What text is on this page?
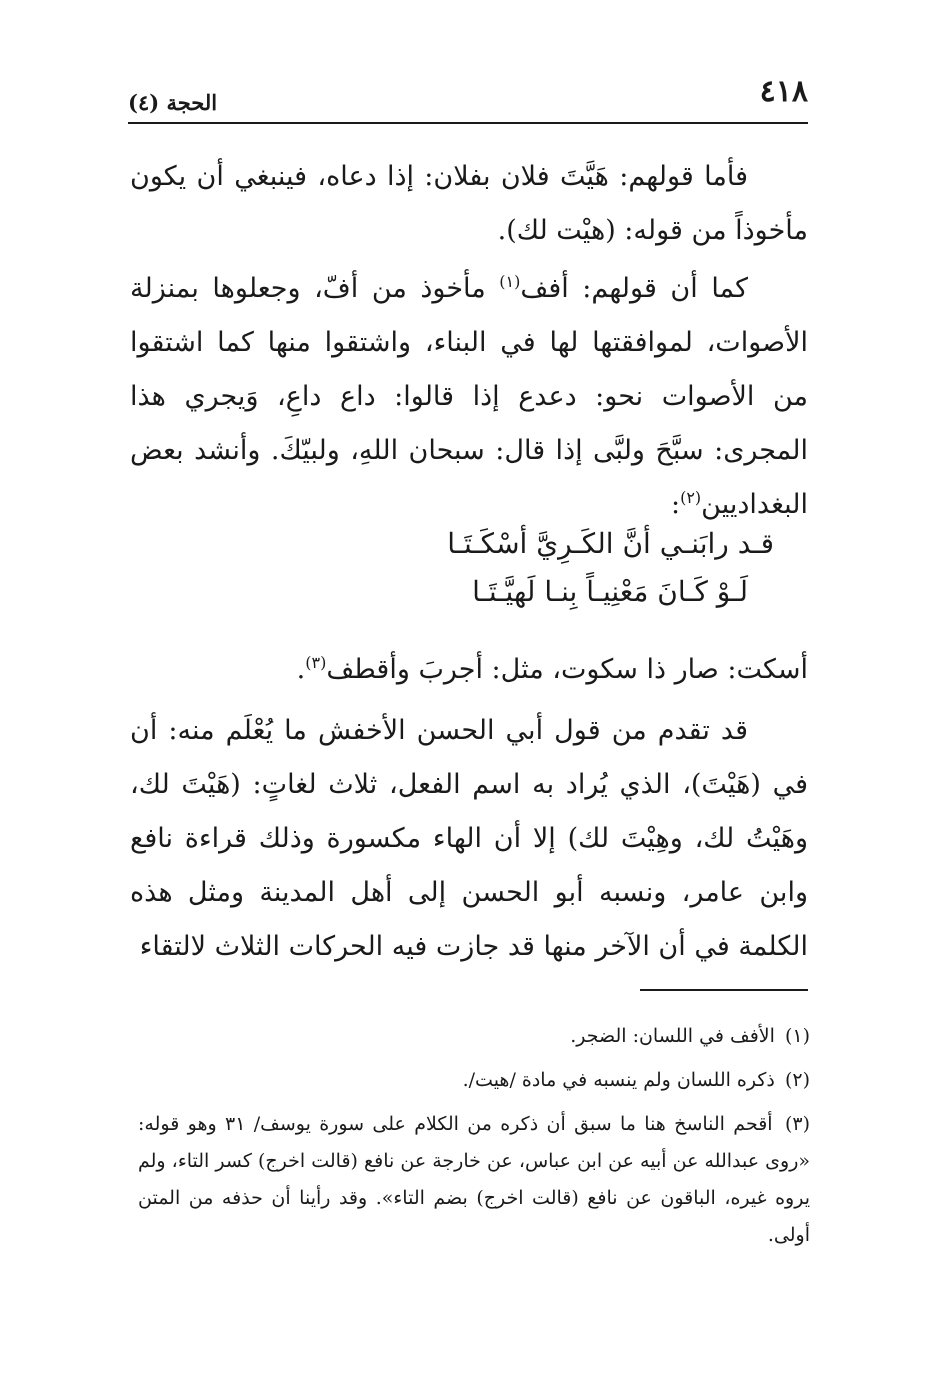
٤١٨
الحجة (٤)
فأما قولهم: هَيَّتَ فلان بفلان: إذا دعاه، فينبغي أن يكون مأخوذاً من قوله: (هيْت لك).
كما أن قولهم: أفف$^{(١)}$ مأخوذ من أفّ، وجعلوها بمنزلة الأصوات، لموافقتها لها في البناء، واشتقوا منها كما اشتقوا من الأصوات نحو: دعدع إذا قالوا: داع داعِ، وَيجري هذا المجرى: سبَّحَ ولبَّى إذا قال: سبحان اللهِ، ولبيّكَ. وأنشد بعض البغداديين$^{(٢)}$:
قـد رابَنـي أنَّ الكَـرِيَّ أسْكَـتَـا
لَـوْ كَـانَ مَعْنِيـاً بِنـا لَهيَّـتَـا
أسكت: صار ذا سكوت، مثل: أجربَ وأقطف$^{(٣)}$.
قد تقدم من قول أبي الحسن الأخفش ما يُعْلَم منه: أن في (هَيْتَ)، الذي يُراد به اسم الفعل، ثلاث لغاتٍ: (هَيْتَ لك، وهَيْتُ لك، وهِيْتَ لك) إلا أن الهاء مكسورة وذلك قراءة نافع وابن عامر، ونسبه أبو الحسن إلى أهل المدينة ومثل هذه الكلمة في أن الآخر منها قد جازت فيه الحركات الثلاث لالتقاء

(١) الأفف في اللسان: الضجر.

(٢) ذكره اللسان ولم ينسبه في مادة /هيت/.

(٣) أقحم الناسخ هنا ما سبق أن ذكره من الكلام على سورة يوسف/ ٣١ وهو قوله: «روى عبدالله عن أبيه عن ابن عباس، عن خارجة عن نافع (قالت اخرج) كسر التاء، ولم يروه غيره، الباقون عن نافع (قالت اخرج) بضم التاء». وقد رأينا أن حذفه من المتن أولى.
